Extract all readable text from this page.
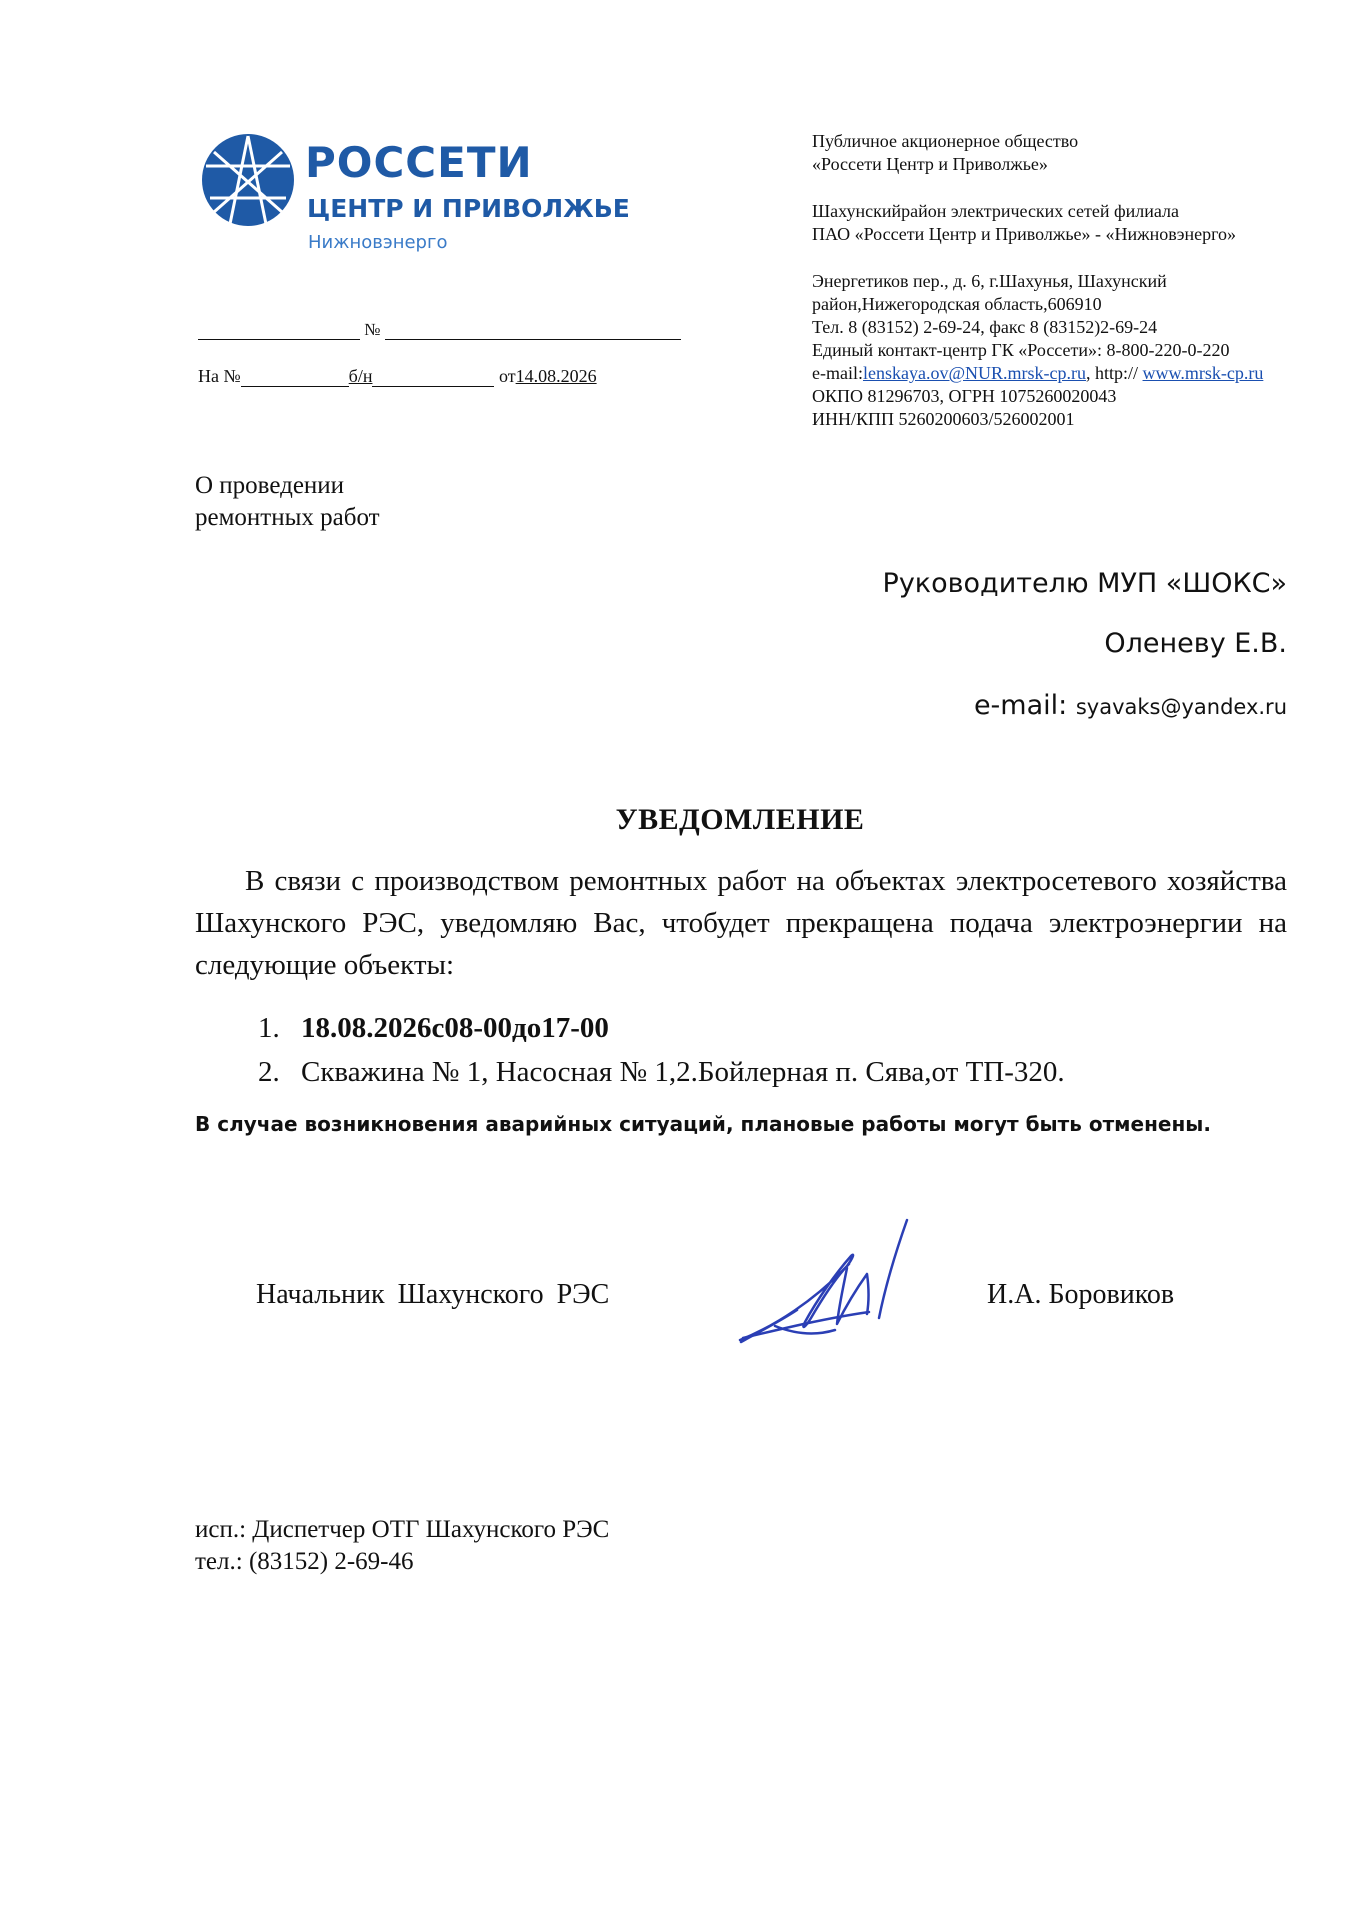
РОССЕТИ
ЦЕНТР И ПРИВОЛЖЬЕ
Нижновэнерго

Публичное акционерное общество

«Россети Центр и Приволжье»

Шахунскийрайон электрических сетей филиала

ПАО «Россети Центр и Приволжье» - «Нижновэнерго»

Энергетиков пер., д. 6, г.Шахунья, Шахунский

район,Нижегородская область,606910

Тел. 8 (83152) 2-69-24, факс 8 (83152)2-69-24

Единый контакт-центр ГК «Россети»: 8-800-220-0-220

e-mail:lenskaya.ov@NUR.mrsk-cp.ru, http:// www.mrsk-cp.ru

ОКПО 81296703, ОГРН 1075260020043

ИНН/КПП 5260200603/526002001

№
На №	б/н	от14.08.2026
О проведении
ремонтных работ
Руководителю МУП «ШОКС»
Оленеву Е.В.
e-mail: syavaks@yandex.ru
УВЕДОМЛЕНИЕ
В связи с производством ремонтных работ на объектах электросетевого хозяйства Шахунского РЭС, уведомляю Вас, чтобудет прекращена подача электроэнергии на следующие объекты:
1. 18.08.2026с08-00до17-00
2. Скважина № 1, Насосная № 1,2.Бойлерная п. Сява,от ТП-320.
В случае возникновения аварийных ситуаций, плановые работы могут быть отменены.
Начальник Шахунского РЭС	И.А. Боровиков
исп.: Диспетчер ОТГ Шахунского РЭС
тел.: (83152) 2-69-46
